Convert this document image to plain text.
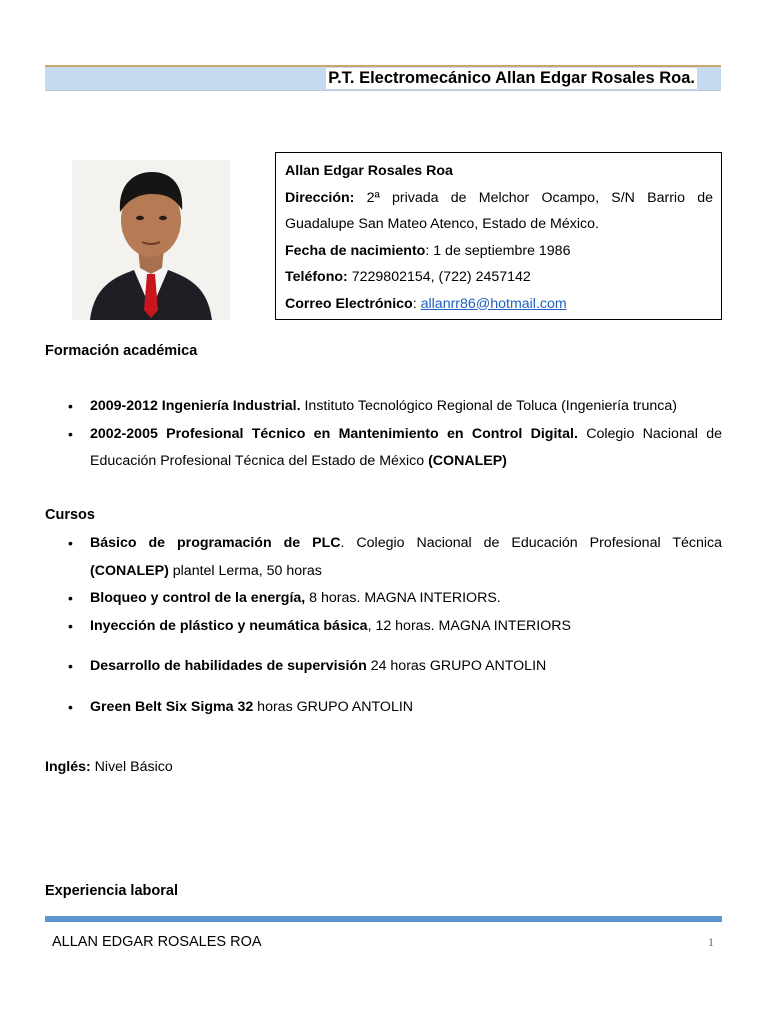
P.T. Electromecánico Allan Edgar Rosales Roa.
Allan Edgar Rosales Roa
Dirección: 2ª privada de Melchor Ocampo, S/N Barrio de Guadalupe San Mateo Atenco, Estado de México.
Fecha de nacimiento: 1 de septiembre 1986
Teléfono: 7229802154, (722) 2457142
Correo Electrónico: allanrr86@hotmail.com
Formación académica
• 2009-2012 Ingeniería Industrial. Instituto Tecnológico Regional de Toluca (Ingeniería trunca)
• 2002-2005 Profesional Técnico en Mantenimiento en Control Digital. Colegio Nacional de Educación Profesional Técnica del Estado de México (CONALEP)
Cursos
• Básico de programación de PLC. Colegio Nacional de Educación Profesional Técnica (CONALEP) plantel Lerma, 50 horas
• Bloqueo y control de la energía, 8 horas. MAGNA INTERIORS.
• Inyección de plástico y neumática básica, 12 horas. MAGNA INTERIORS
• Desarrollo de habilidades de supervisión 24 horas GRUPO ANTOLIN
• Green Belt Six Sigma 32 horas GRUPO ANTOLIN
Inglés: Nivel Básico
Experiencia laboral
ALLAN EDGAR ROSALES ROA	1
